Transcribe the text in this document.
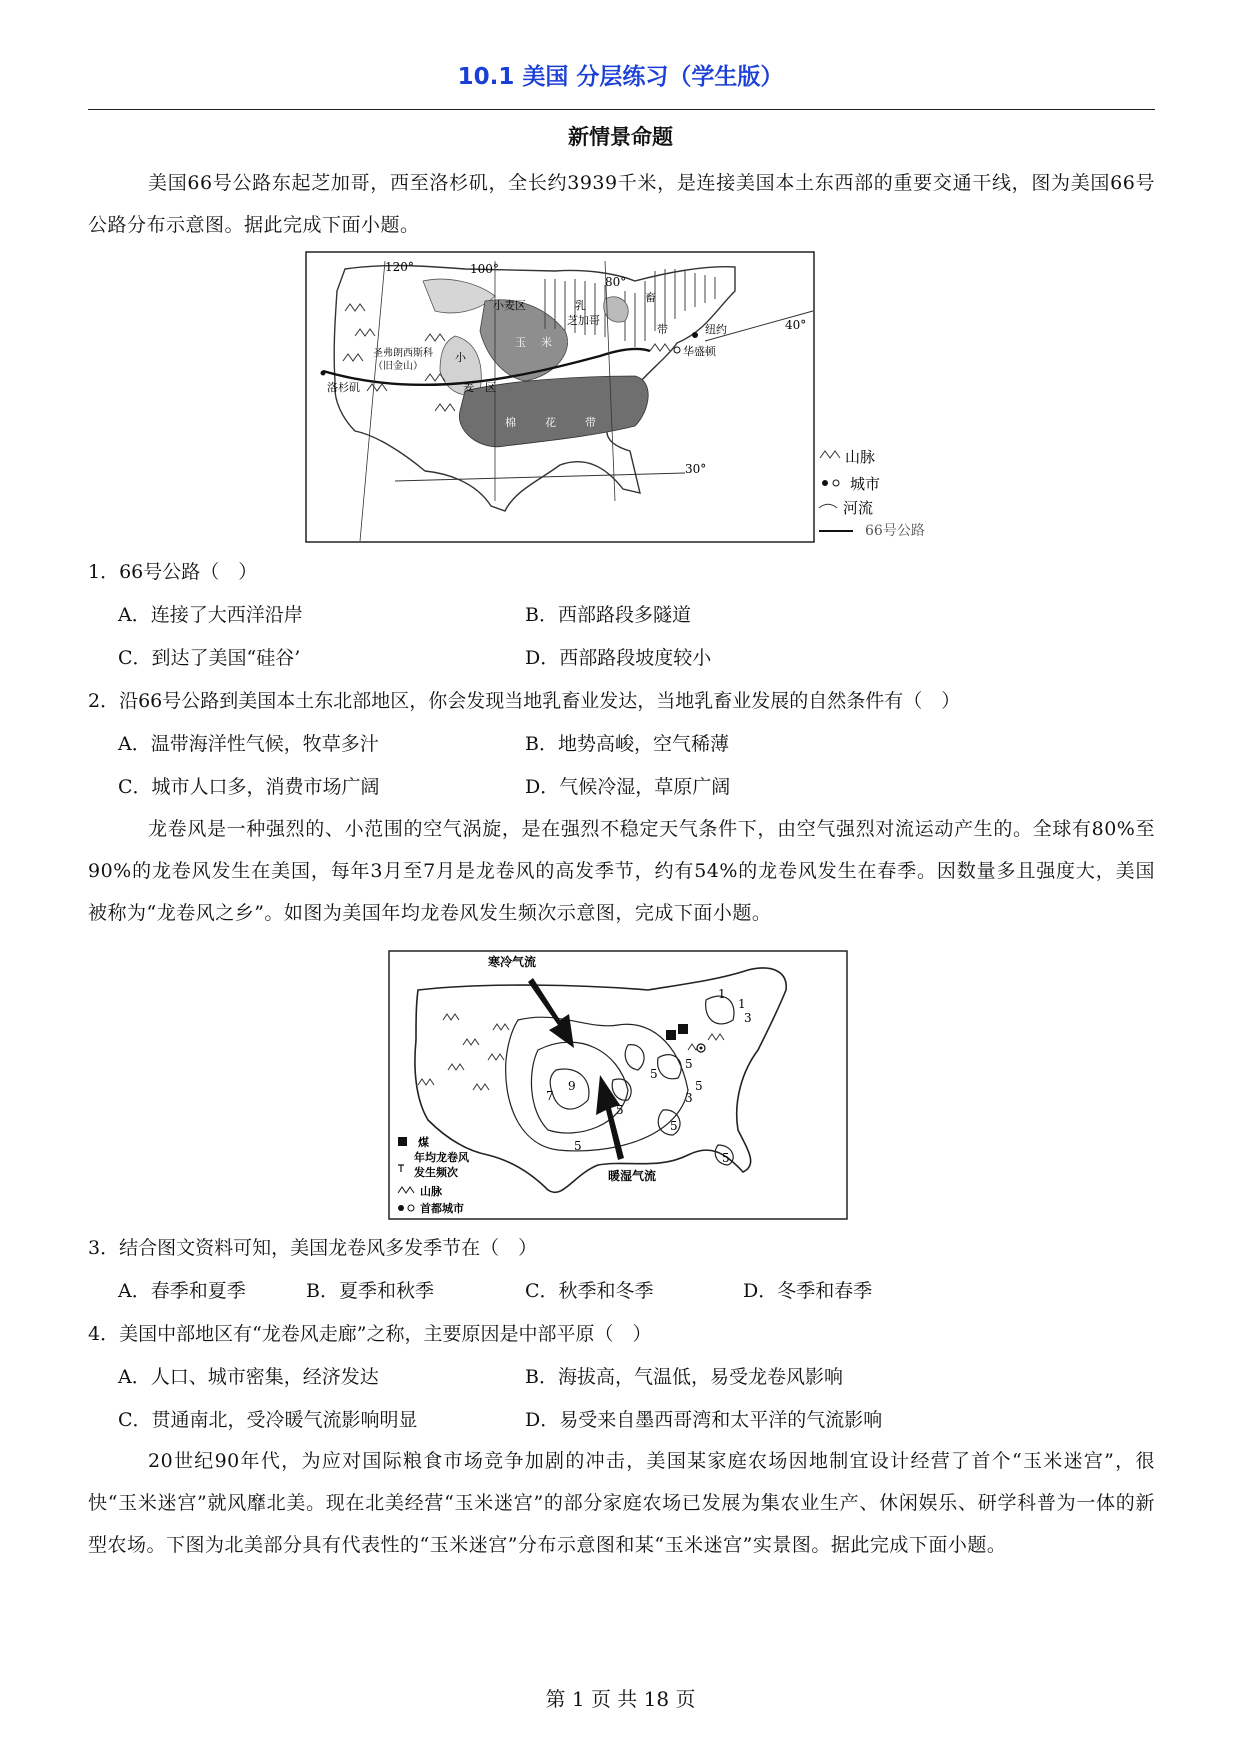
10.1 美国 分层练习（学生版）
新情景命题

美国66号公路东起芝加哥，西至洛杉矶，全长约3939千米，是连接美国本土东西部的重要交通干线，图为美国66号公路分布示意图。据此完成下面小题。

120°	100°
80°
40°
30°
小麦区
小
麦 区
玉 米 带
棉	花	带
乳
畜
带
芝加哥
纽约
华盛顿
洛杉矶
圣弗朗西斯科
（旧金山）
山脉
城市
河流
66号公路
1．66号公路（　）
A．连接了大西洋沿岸	B．西部路段多隧道
C．到达了美国“硅谷’	D．西部路段坡度较小
2．沿66号公路到美国本土东北部地区，你会发现当地乳畜业发达，当地乳畜业发展的自然条件有（　）
A．温带海洋性气候，牧草多汁	B．地势高峻，空气稀薄
C．城市人口多，消费市场广阔	D．气候冷湿，草原广阔

龙卷风是一种强烈的、小范围的空气涡旋，是在强烈不稳定天气条件下，由空气强烈对流运动产生的。全球有80%至90%的龙卷风发生在美国，每年3月至7月是龙卷风的高发季节，约有54%的龙卷风发生在春季。因数量多且强度大，美国被称为“龙卷风之乡”。如图为美国年均龙卷风发生频次示意图，完成下面小题。

寒冷气流
暖湿气流
1
3
5
5
5
5
5
5
7
9
1
3
5
煤
年均龙卷风
发生频次
山脉
首都城市
3．结合图文资料可知，美国龙卷风多发季节在（　）
A．春季和夏季	B．夏季和秋季	C．秋季和冬季	D．冬季和春季
4．美国中部地区有“龙卷风走廊”之称，主要原因是中部平原（　）
A．人口、城市密集，经济发达	B．海拔高，气温低，易受龙卷风影响
C．贯通南北，受冷暖气流影响明显	D．易受来自墨西哥湾和太平洋的气流影响

20世纪90年代，为应对国际粮食市场竞争加剧的冲击，美国某家庭农场因地制宜设计经营了首个“玉米迷宫”，很快“玉米迷宫”就风靡北美。现在北美经营“玉米迷宫”的部分家庭农场已发展为集农业生产、休闲娱乐、研学科普为一体的新型农场。下图为北美部分具有代表性的“玉米迷宫”分布示意图和某“玉米迷宫”实景图。据此完成下面小题。

第 1 页 共 18 页
